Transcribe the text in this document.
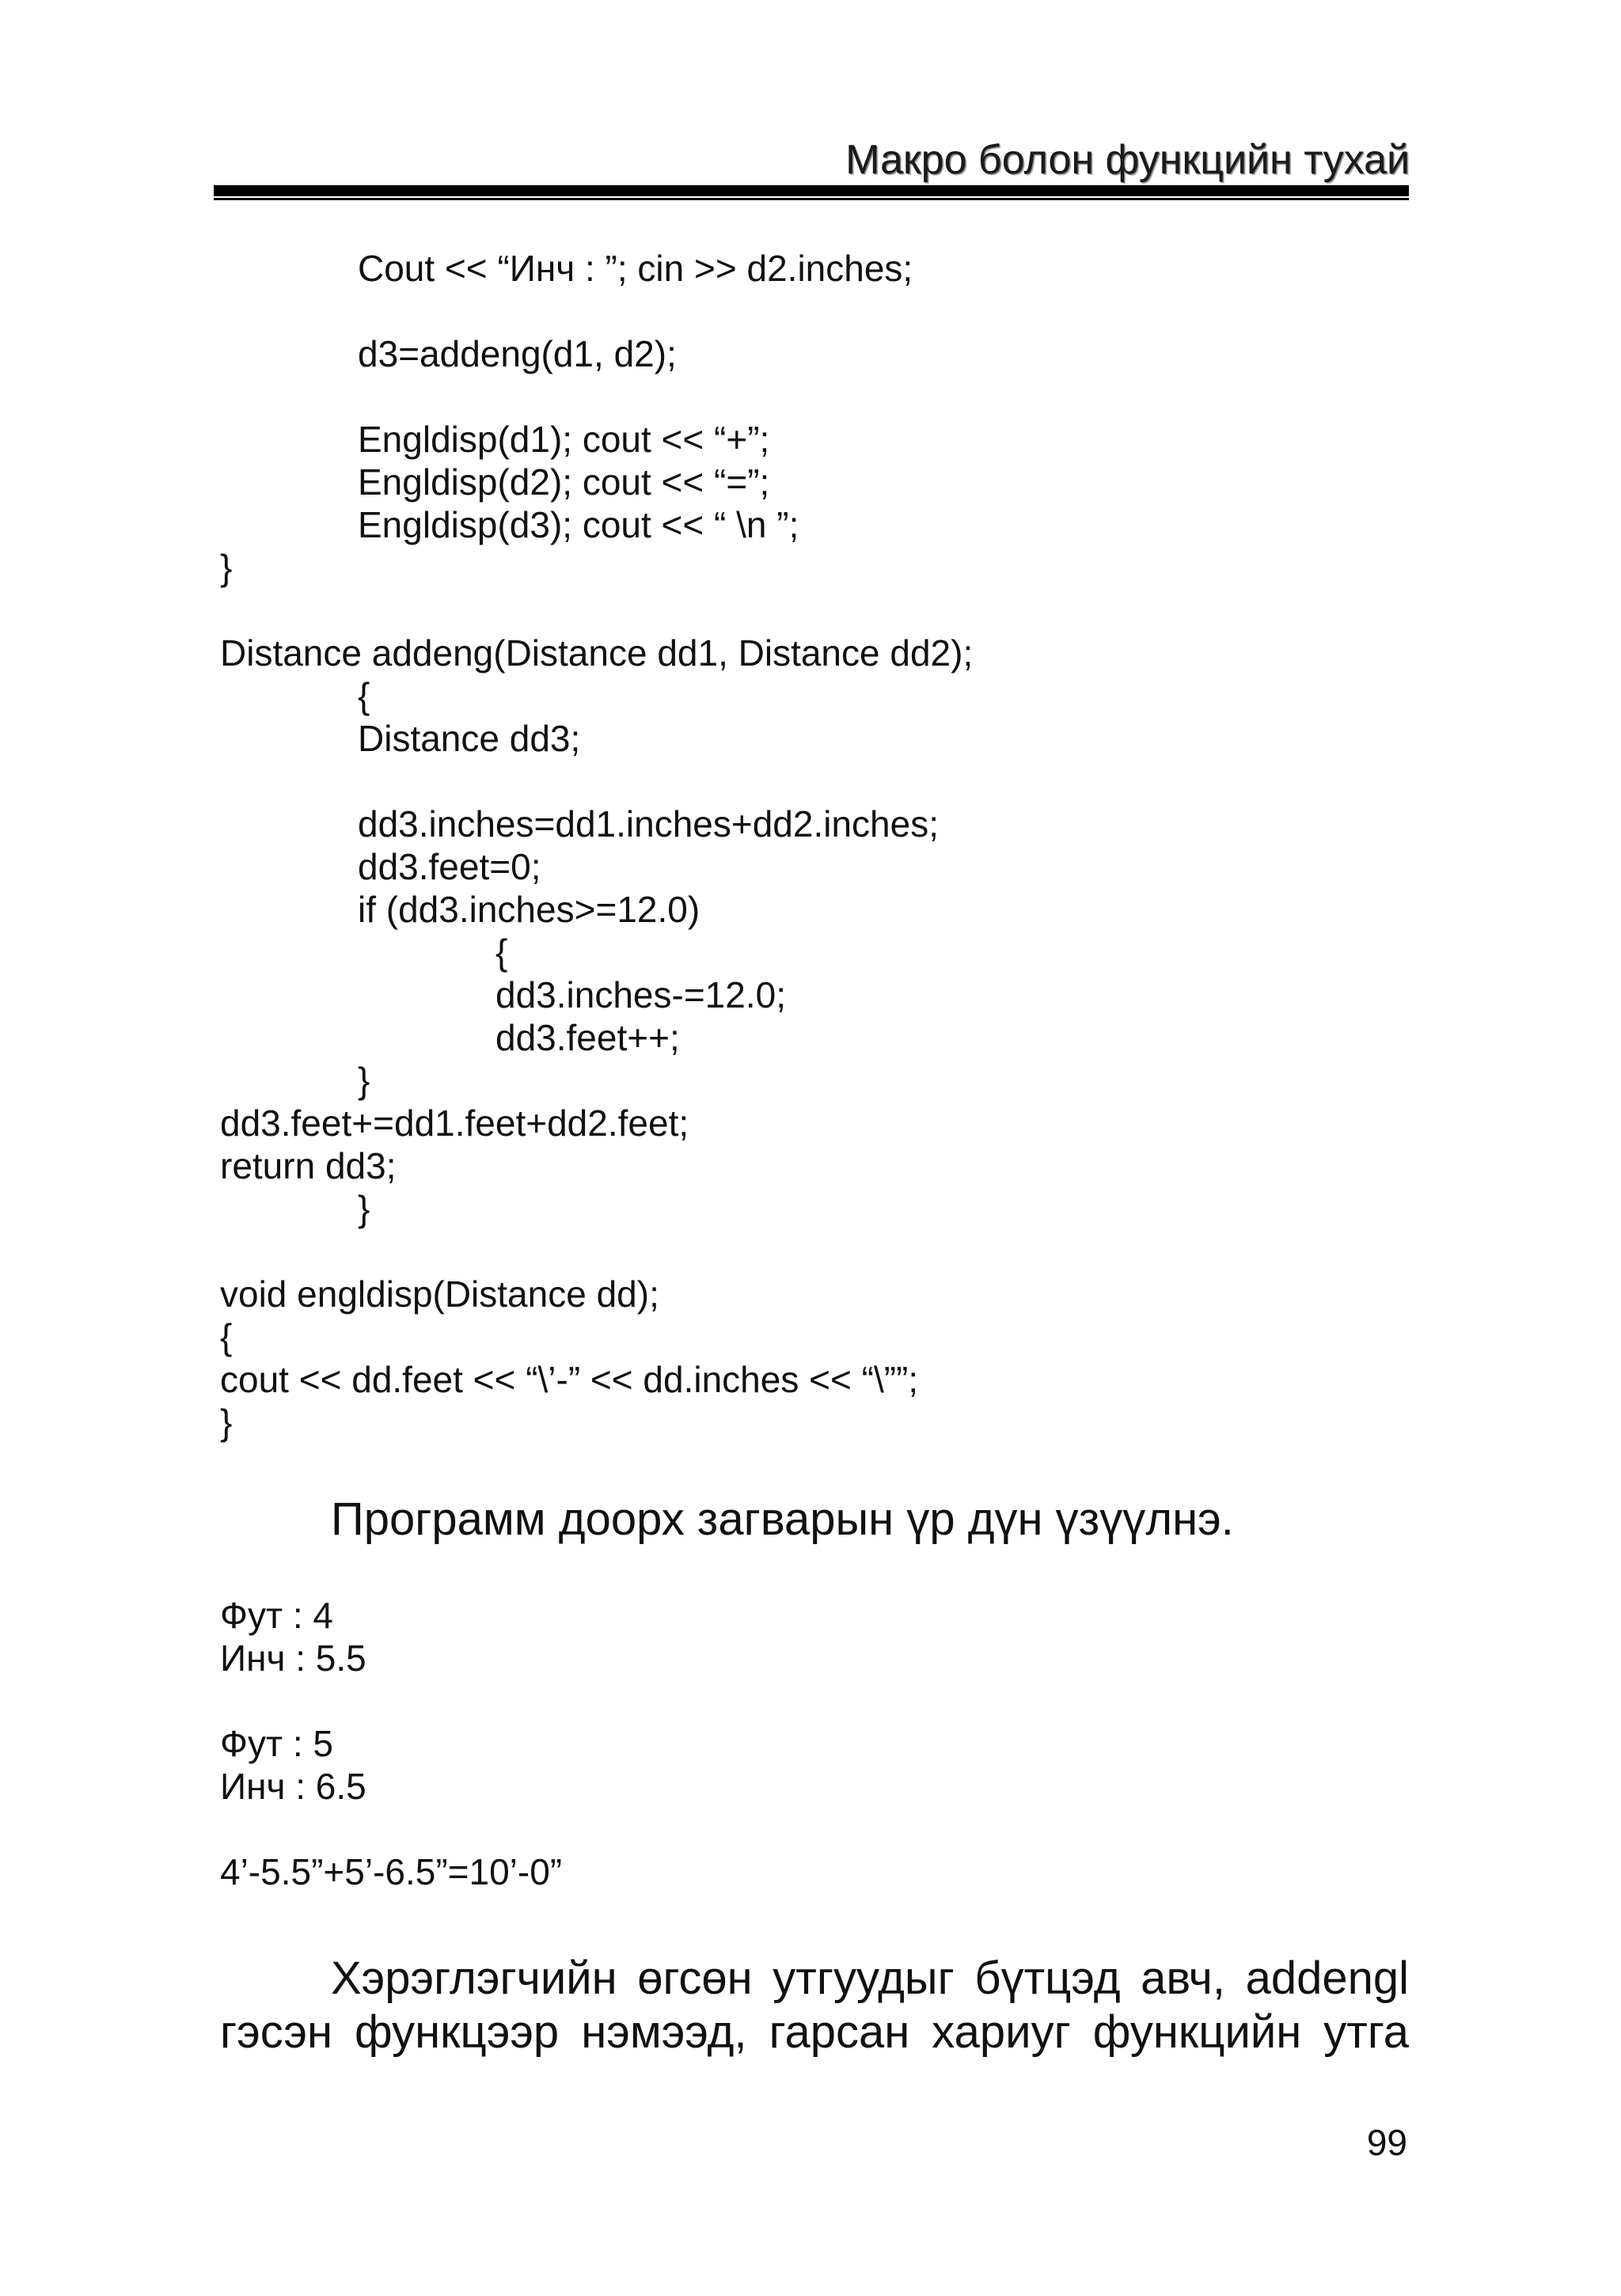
Макро болон функцийн тухай
Cout << “Инч : ”; cin >> d2.inches;
d3=addeng(d1, d2);
Engldisp(d1); cout << “+”;
Engldisp(d2); cout << “=”;
Engldisp(d3); cout << “ \n ”;
}
Distance addeng(Distance dd1, Distance dd2);
{
Distance dd3;
dd3.inches=dd1.inches+dd2.inches;
dd3.feet=0;
if (dd3.inches>=12.0)
{
dd3.inches-=12.0;
dd3.feet++;
}
dd3.feet+=dd1.feet+dd2.feet;
return dd3;
}
void engldisp(Distance dd);
{
cout << dd.feet << “\’-” << dd.inches << “\””;
}
Программ доорх загварын үр дүн үзүүлнэ.
Фут : 4
Инч : 5.5
Фут : 5
Инч : 6.5
4’-5.5”+5’-6.5”=10’-0”
Хэрэглэгчийн өгсөн утгуудыг бүтцэд авч, addengl
гэсэн функцээр нэмээд, гарсан хариуг функцийн утга
99
